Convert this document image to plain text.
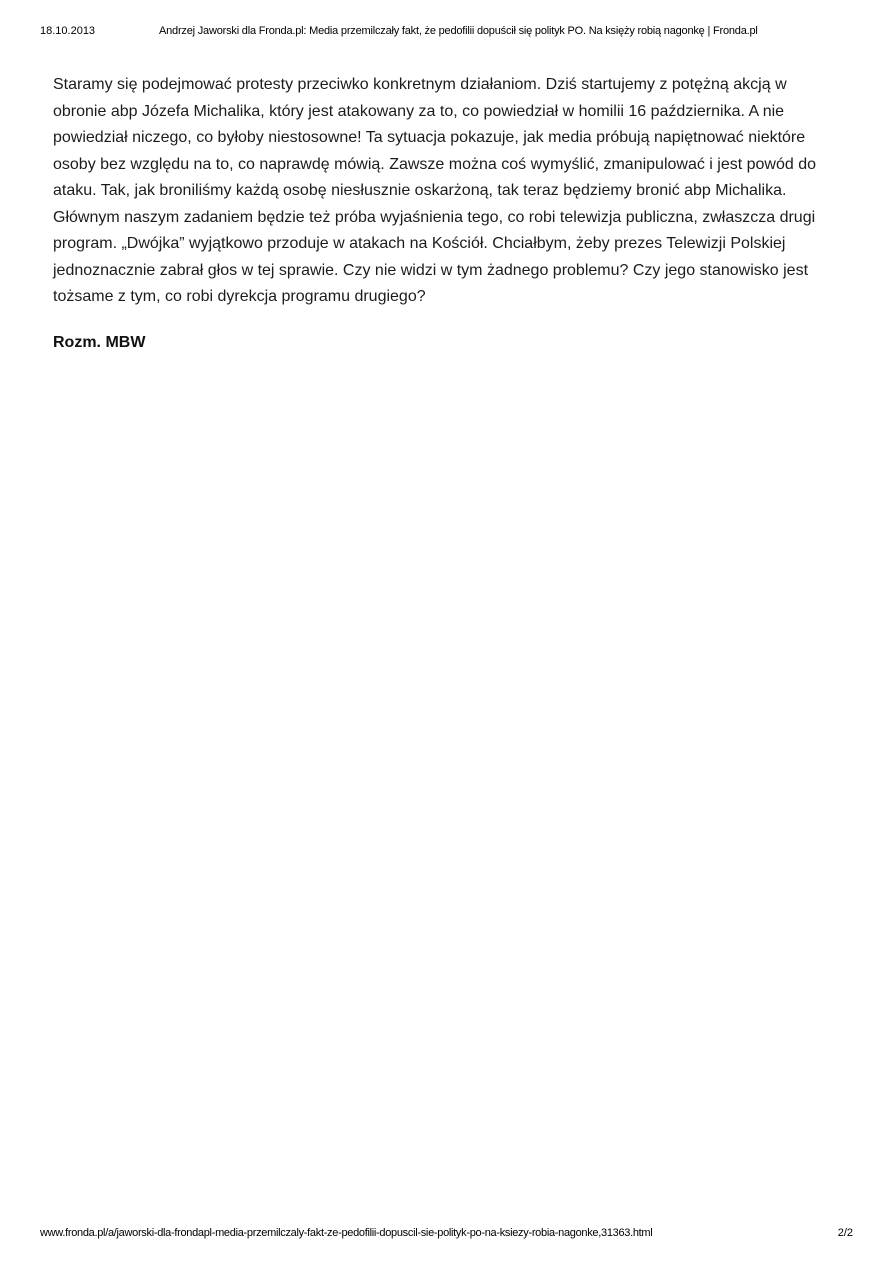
18.10.2013	Andrzej Jaworski dla Fronda.pl: Media przemilczały fakt, że pedofilii dopuścił się polityk PO. Na księży robią nagonkę | Fronda.pl

Staramy się podejmować protesty przeciwko konkretnym działaniom. Dziś startujemy z potężną akcją w obronie abp Józefa Michalika, który jest atakowany za to, co powiedział w homilii 16 października. A nie powiedział niczego, co byłoby niestosowne! Ta sytuacja pokazuje, jak media próbują napiętnować niektóre osoby bez względu na to, co naprawdę mówią. Zawsze można coś wymyślić, zmanipulować i jest powód do ataku. Tak, jak broniliśmy każdą osobę niesłusznie oskarżoną, tak teraz będziemy bronić abp Michalika. Głównym naszym zadaniem będzie też próba wyjaśnienia tego, co robi telewizja publiczna, zwłaszcza drugi program. „Dwójka” wyjątkowo przoduje w atakach na Kościół. Chciałbym, żeby prezes Telewizji Polskiej jednoznacznie zabrał głos w tej sprawie. Czy nie widzi w tym żadnego problemu? Czy jego stanowisko jest tożsame z tym, co robi dyrekcja programu drugiego?

Rozm. MBW

www.fronda.pl/a/jaworski-dla-frondapl-media-przemilczaly-fakt-ze-pedofilii-dopuscil-sie-polityk-po-na-ksiezy-robia-nagonke,31363.html	2/2
